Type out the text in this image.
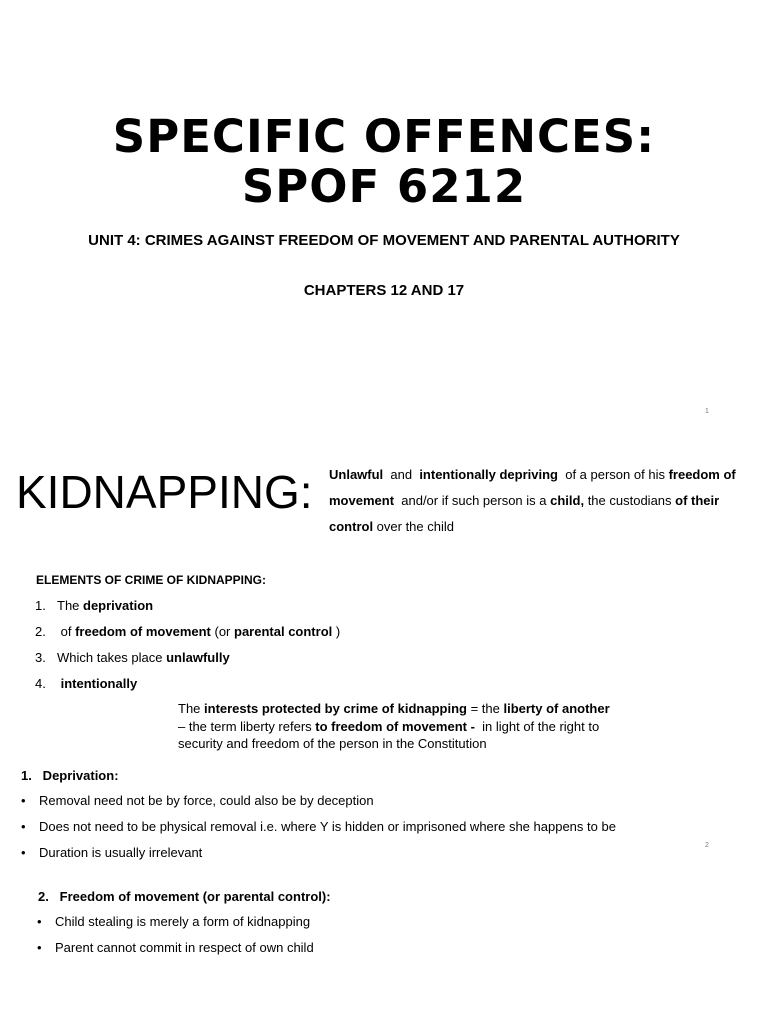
SPECIFIC OFFENCES:
SPOF 6212
UNIT 4: CRIMES AGAINST FREEDOM OF MOVEMENT AND PARENTAL AUTHORITY
CHAPTERS 12 AND 17
1
KIDNAPPING: Unlawful  and  intentionally depriving  of a person of his freedom of movement  and/or if such person is a child, the custodians of their control over the child
ELEMENTS OF CRIME OF KIDNAPPING:
1. The deprivation
2. of freedom of movement (or parental control )
3. Which takes place unlawfully
4. intentionally
The interests protected by crime of kidnapping = the liberty of another – the term liberty refers to freedom of movement -  in light of the right to security and freedom of the person in the Constitution
1.   Deprivation:
• Removal need not be by force, could also be by deception
• Does not need to be physical removal i.e. where Y is hidden or imprisoned where she happens to be
• Duration is usually irrelevant	2
2.   Freedom of movement (or parental control):
• Child stealing is merely a form of kidnapping
• Parent cannot commit in respect of own child
